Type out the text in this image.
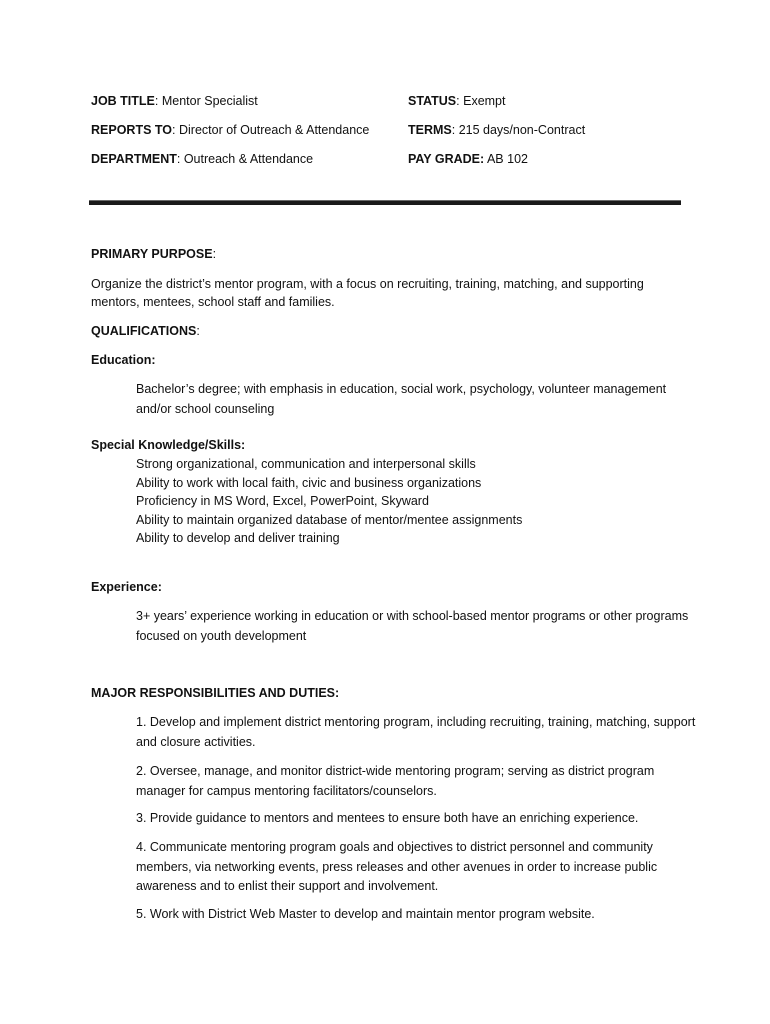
JOB TITLE: Mentor Specialist	STATUS: Exempt
REPORTS TO: Director of Outreach & Attendance	TERMS: 215 days/non-Contract
DEPARTMENT: Outreach & Attendance	PAY GRADE: AB 102
PRIMARY PURPOSE:
Organize the district’s mentor program, with a focus on recruiting, training, matching, and supporting mentors, mentees, school staff and families.
QUALIFICATIONS:
Education:
Bachelor’s degree; with emphasis in education, social work, psychology, volunteer management and/or school counseling
Special Knowledge/Skills:
Strong organizational, communication and interpersonal skills
Ability to work with local faith, civic and business organizations
Proficiency in MS Word, Excel, PowerPoint, Skyward
Ability to maintain organized database of mentor/mentee assignments
Ability to develop and deliver training
Experience:
3+ years’ experience working in education or with school-based mentor programs or other programs focused on youth development
MAJOR RESPONSIBILITIES AND DUTIES:
1. Develop and implement district mentoring program, including recruiting, training, matching, support and closure activities.
2. Oversee, manage, and monitor district-wide mentoring program; serving as district program manager for campus mentoring facilitators/counselors.
3. Provide guidance to mentors and mentees to ensure both have an enriching experience.
4. Communicate mentoring program goals and objectives to district personnel and community members, via networking events, press releases and other avenues in order to increase public awareness and to enlist their support and involvement.
5. Work with District Web Master to develop and maintain mentor program website.
